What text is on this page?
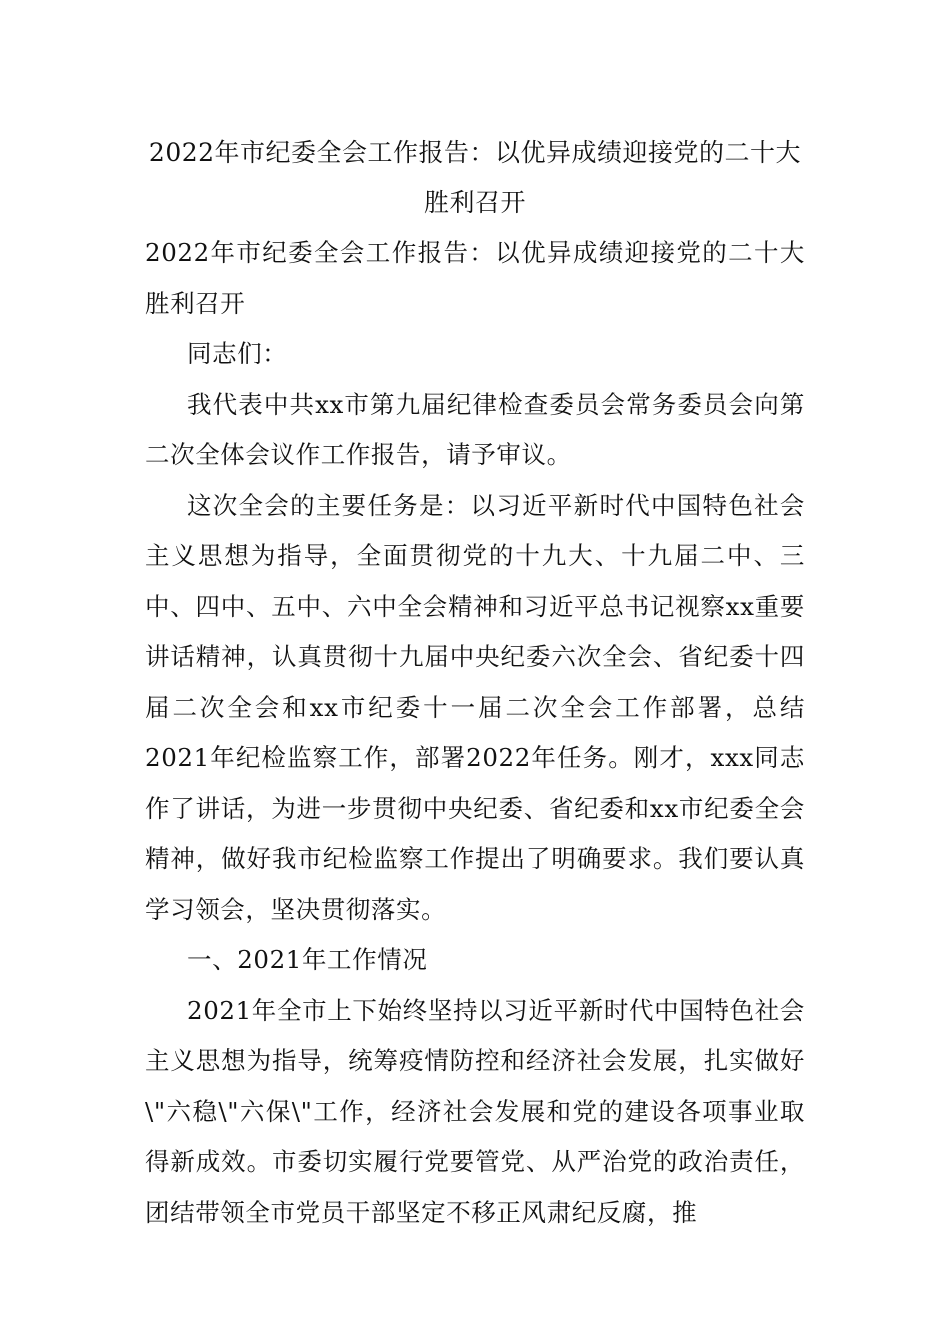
2022年市纪委全会工作报告：以优异成绩迎接党的二十大胜利召开

2022年市纪委全会工作报告：以优异成绩迎接党的二十大胜利召开

同志们：

我代表中共xx市第九届纪律检查委员会常务委员会向第二次全体会议作工作报告，请予审议。

这次全会的主要任务是：以习近平新时代中国特色社会主义思想为指导，全面贯彻党的十九大、十九届二中、三中、四中、五中、六中全会精神和习近平总书记视察xx重要讲话精神，认真贯彻十九届中央纪委六次全会、省纪委十四届二次全会和xx市纪委十一届二次全会工作部署，总结2021年纪检监察工作，部署2022年任务。刚才，xxx同志作了讲话，为进一步贯彻中央纪委、省纪委和xx市纪委全会精神，做好我市纪检监察工作提出了明确要求。我们要认真学习领会，坚决贯彻落实。

一、2021年工作情况

2021年全市上下始终坚持以习近平新时代中国特色社会主义思想为指导，统筹疫情防控和经济社会发展，扎实做好\"六稳\"六保\"工作，经济社会发展和党的建设各项事业取得新成效。市委切实履行党要管党、从严治党的政治责任，团结带领全市党员干部坚定不移正风肃纪反腐，推
